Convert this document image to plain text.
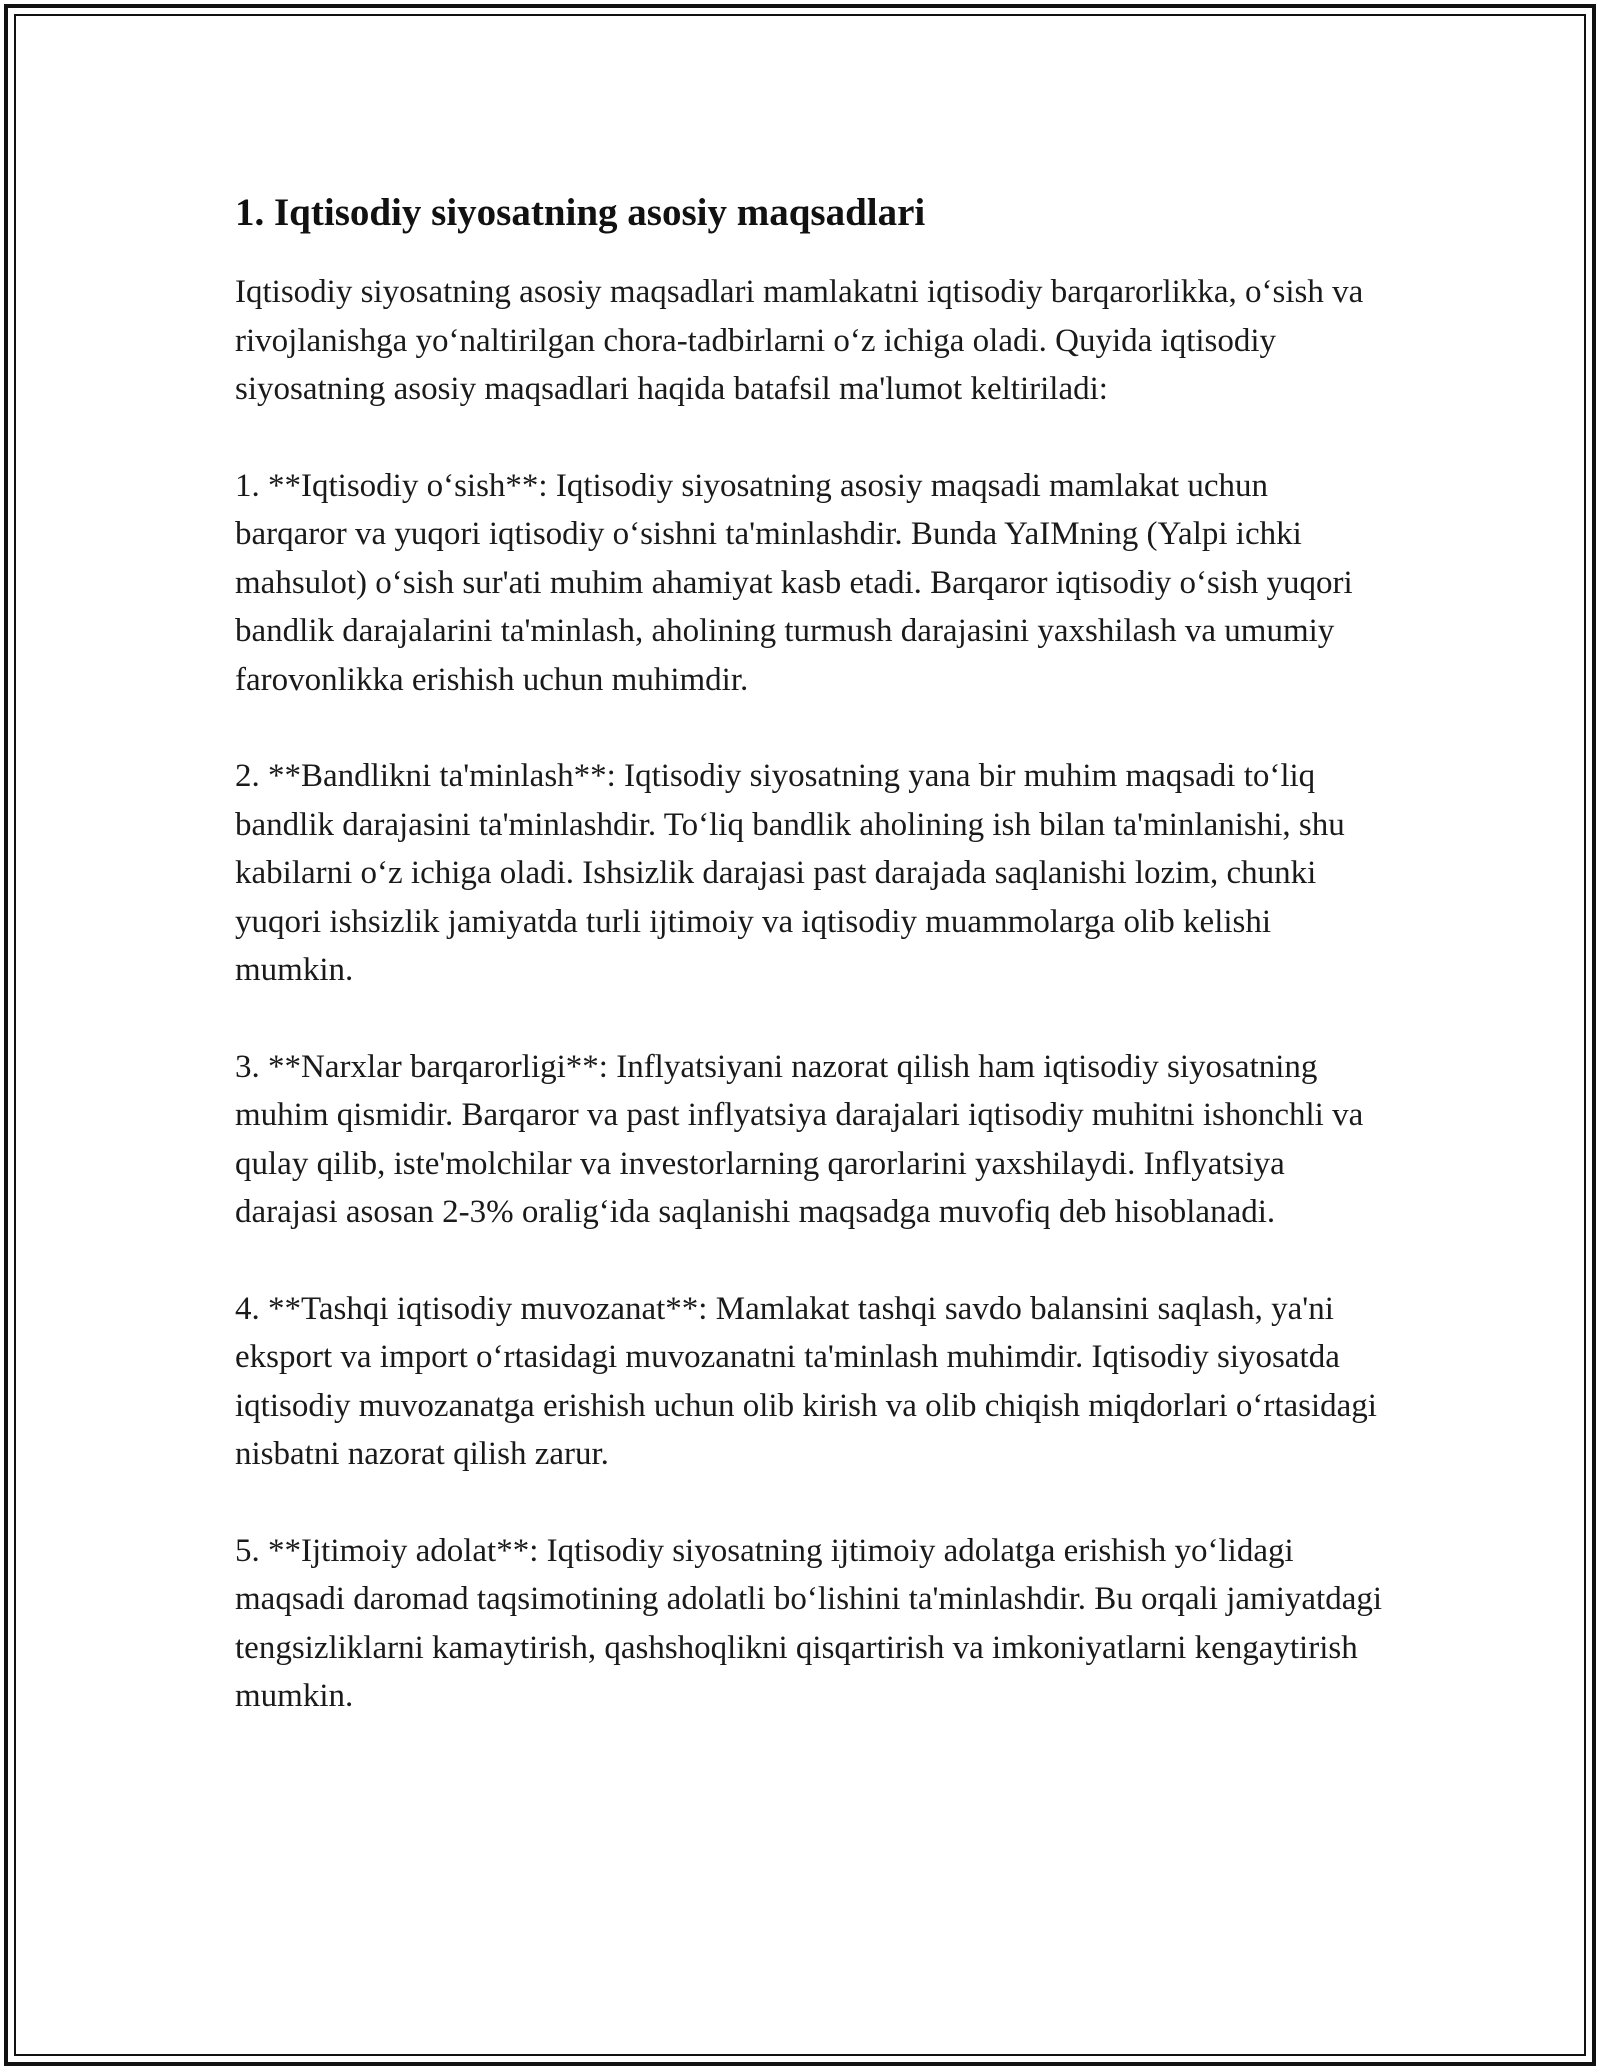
1. Iqtisodiy siyosatning asosiy maqsadlari

Iqtisodiy siyosatning asosiy maqsadlari mamlakatni iqtisodiy barqarorlikka, o‘sish va rivojlanishga yo‘naltirilgan chora-tadbirlarni o‘z ichiga oladi. Quyida iqtisodiy siyosatning asosiy maqsadlari haqida batafsil ma'lumot keltiriladi:

1. **Iqtisodiy o‘sish**: Iqtisodiy siyosatning asosiy maqsadi mamlakat uchun barqaror va yuqori iqtisodiy o‘sishni ta'minlashdir. Bunda YaIMning (Yalpi ichki mahsulot) o‘sish sur'ati muhim ahamiyat kasb etadi. Barqaror iqtisodiy o‘sish yuqori bandlik darajalarini ta'minlash, aholining turmush darajasini yaxshilash va umumiy farovonlikka erishish uchun muhimdir.

2. **Bandlikni ta'minlash**: Iqtisodiy siyosatning yana bir muhim maqsadi to‘liq bandlik darajasini ta'minlashdir. To‘liq bandlik aholining ish bilan ta'minlanishi, shu kabilarni o‘z ichiga oladi. Ishsizlik darajasi past darajada saqlanishi lozim, chunki yuqori ishsizlik jamiyatda turli ijtimoiy va iqtisodiy muammolarga olib kelishi mumkin.

3. **Narxlar barqarorligi**: Inflyatsiyani nazorat qilish ham iqtisodiy siyosatning muhim qismidir. Barqaror va past inflyatsiya darajalari iqtisodiy muhitni ishonchli va qulay qilib, iste'molchilar va investorlarning qarorlarini yaxshilaydi. Inflyatsiya darajasi asosan 2-3% oralig‘ida saqlanishi maqsadga muvofiq deb hisoblanadi.

4. **Tashqi iqtisodiy muvozanat**: Mamlakat tashqi savdo balansini saqlash, ya'ni eksport va import o‘rtasidagi muvozanatni ta'minlash muhimdir. Iqtisodiy siyosatda iqtisodiy muvozanatga erishish uchun olib kirish va olib chiqish miqdorlari o‘rtasidagi nisbatni nazorat qilish zarur.

5. **Ijtimoiy adolat**: Iqtisodiy siyosatning ijtimoiy adolatga erishish yo‘lidagi maqsadi daromad taqsimotining adolatli bo‘lishini ta'minlashdir. Bu orqali jamiyatdagi tengsizliklarni kamaytirish, qashshoqlikni qisqartirish va imkoniyatlarni kengaytirish mumkin.
